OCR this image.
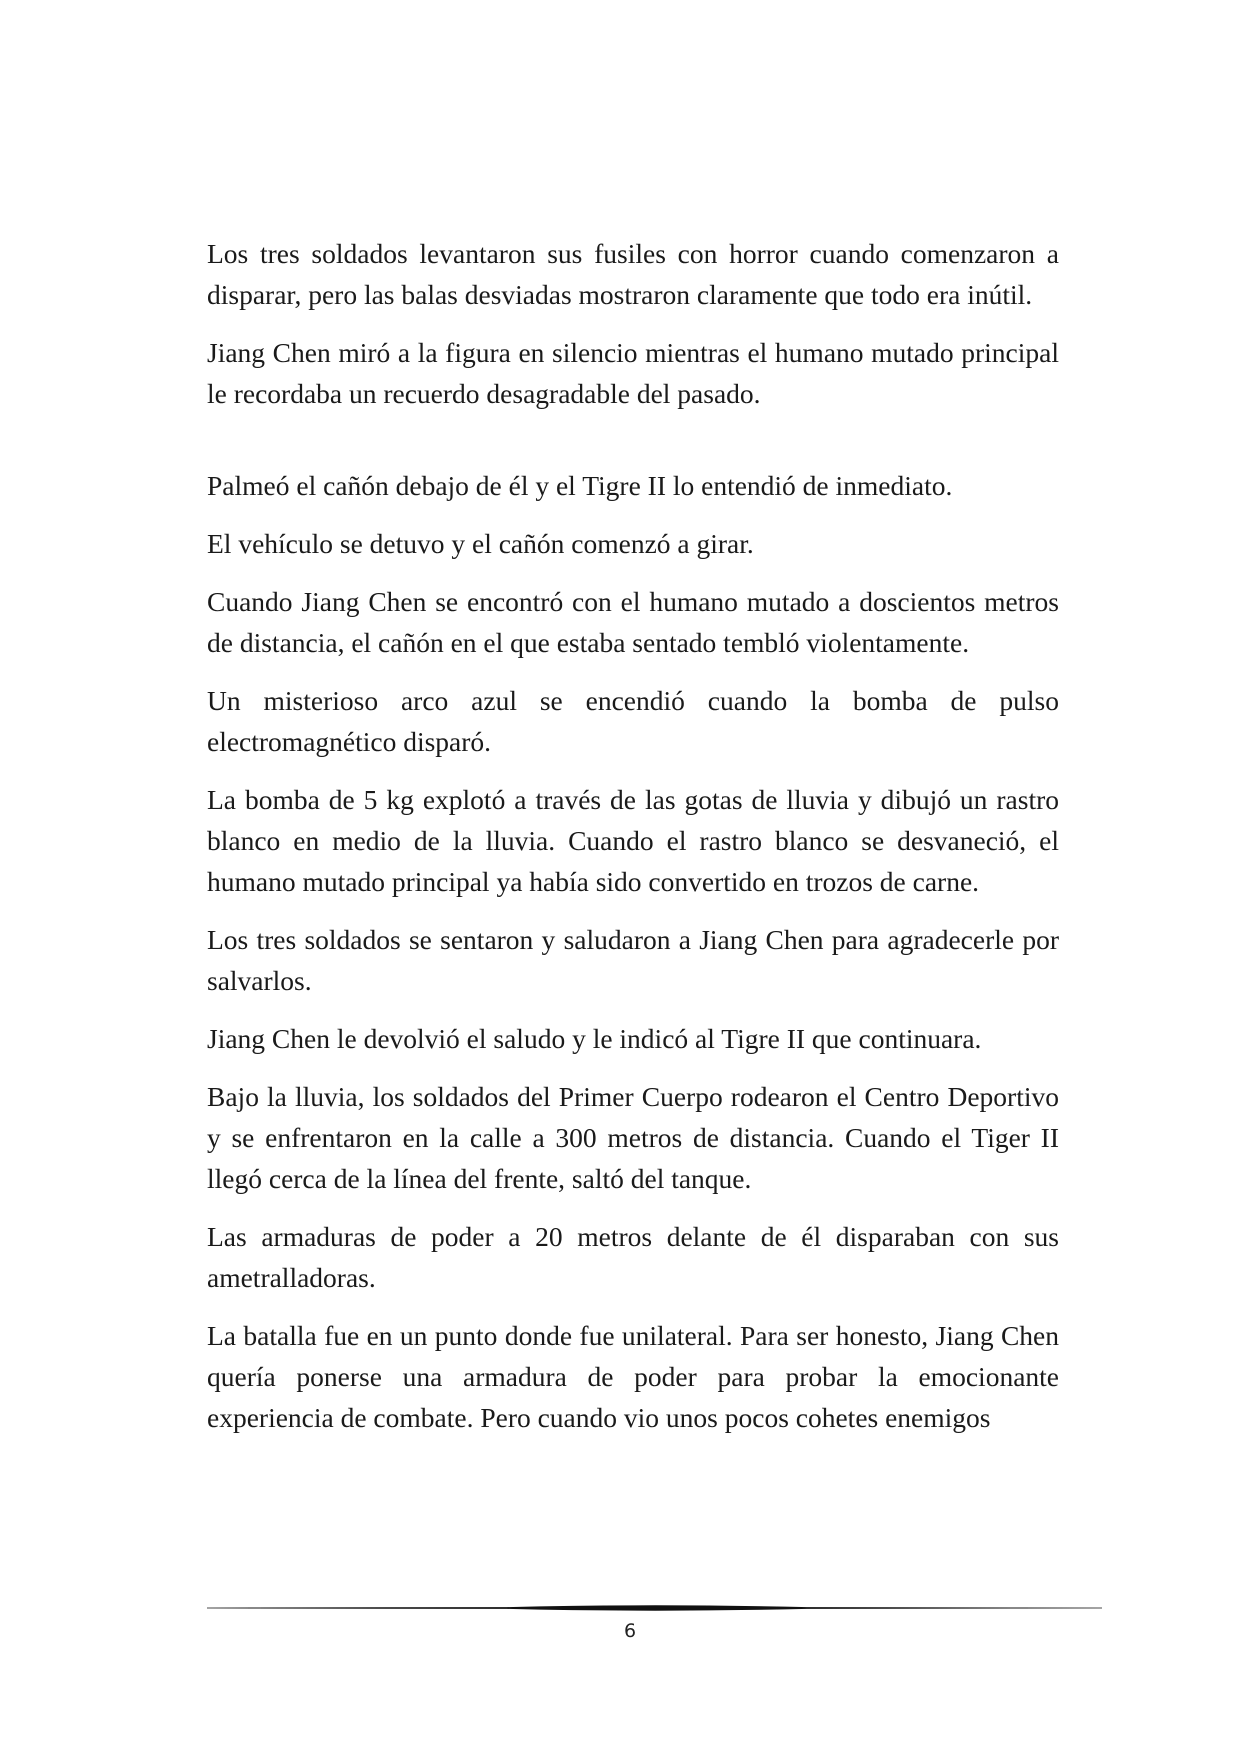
Los tres soldados levantaron sus fusiles con horror cuando comenzaron a disparar, pero las balas desviadas mostraron claramente que todo era inútil.

Jiang Chen miró a la figura en silencio mientras el humano mutado principal le recordaba un recuerdo desagradable del pasado.

Palmeó el cañón debajo de él y el Tigre II lo entendió de inmediato.

El vehículo se detuvo y el cañón comenzó a girar.

Cuando Jiang Chen se encontró con el humano mutado a doscientos metros de distancia, el cañón en el que estaba sentado tembló violentamente.

Un misterioso arco azul se encendió cuando la bomba de pulso electromagnético disparó.

La bomba de 5 kg explotó a través de las gotas de lluvia y dibujó un rastro blanco en medio de la lluvia. Cuando el rastro blanco se desvaneció, el humano mutado principal ya había sido convertido en trozos de carne.

Los tres soldados se sentaron y saludaron a Jiang Chen para agradecerle por salvarlos.

Jiang Chen le devolvió el saludo y le indicó al Tigre II que continuara.

Bajo la lluvia, los soldados del Primer Cuerpo rodearon el Centro Deportivo y se enfrentaron en la calle a 300 metros de distancia. Cuando el Tiger II llegó cerca de la línea del frente, saltó del tanque.

Las armaduras de poder a 20 metros delante de él disparaban con sus ametralladoras.

La batalla fue en un punto donde fue unilateral. Para ser honesto, Jiang Chen quería ponerse una armadura de poder para probar la emocionante experiencia de combate. Pero cuando vio unos pocos cohetes enemigos

6
